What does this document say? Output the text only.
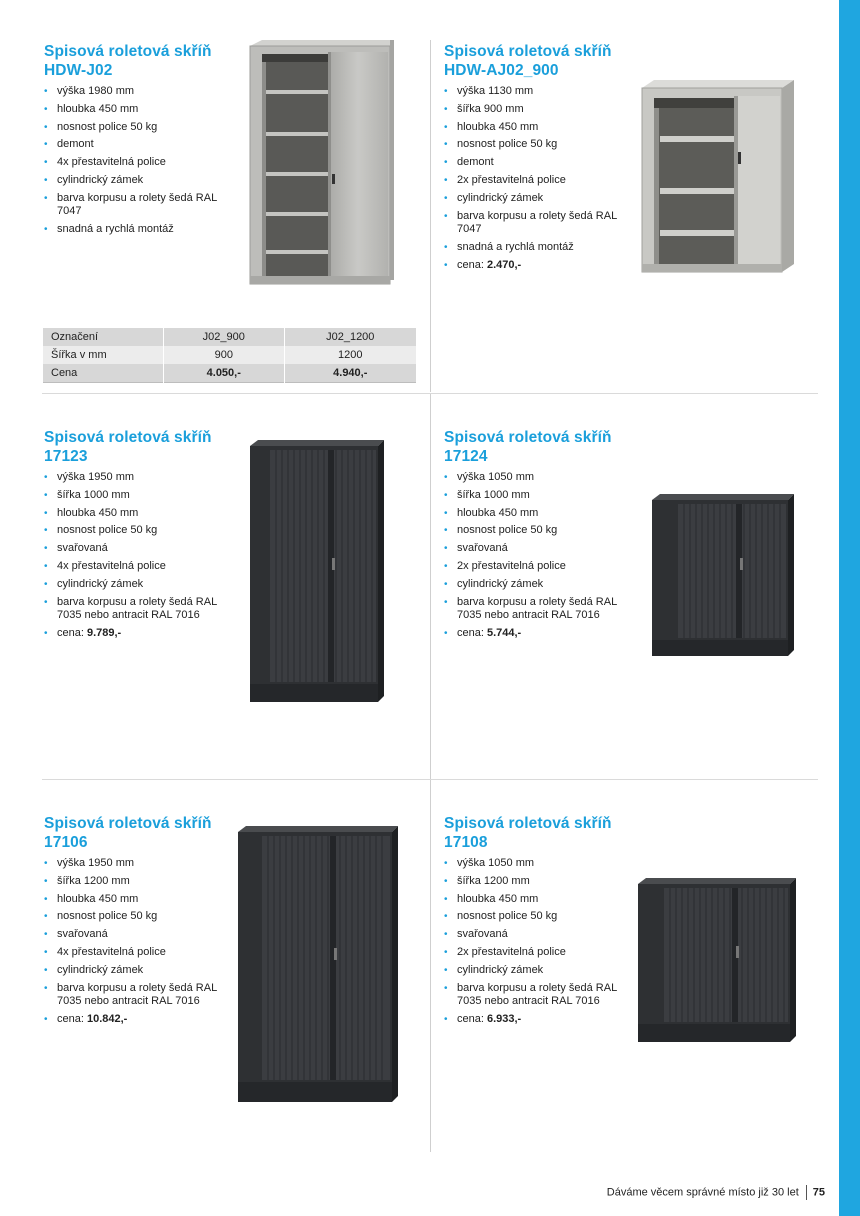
Spisová roletová skříň
HDW-J02
• výška 1980 mm
• hloubka 450 mm
• nosnost police 50 kg
• demont
• 4x přestavitelná police
• cylindrický zámek
• barva korpusu a rolety šedá RAL 7047
• snadná a rychlá montáž
Spisová roletová skříň
HDW-AJ02_900
• výška 1130 mm
• šířka 900 mm
• hloubka 450 mm
• nosnost police 50 kg
• demont
• 2x přestavitelná police
• cylindrický zámek
• barva korpusu a rolety šedá RAL 7047
• snadná a rychlá montáž
• cena: 2.470,-
Spisová roletová skříň
17123
• výška 1950 mm
• šířka 1000 mm
• hloubka 450 mm
• nosnost police 50 kg
• svařovaná
• 4x přestavitelná police
• cylindrický zámek
• barva korpusu a rolety šedá RAL 7035 nebo antracit RAL 7016
• cena: 9.789,-
Spisová roletová skříň
17124
• výška 1050 mm
• šířka 1000 mm
• hloubka 450 mm
• nosnost police 50 kg
• svařovaná
• 2x přestavitelná police
• cylindrický zámek
• barva korpusu a rolety šedá RAL 7035 nebo antracit RAL 7016
• cena: 5.744,-
Spisová roletová skříň
17106
• výška 1950 mm
• šířka 1200 mm
• hloubka 450 mm
• nosnost police 50 kg
• svařovaná
• 4x přestavitelná police
• cylindrický zámek
• barva korpusu a rolety šedá RAL 7035 nebo antracit RAL 7016
• cena: 10.842,-
Spisová roletová skříň
17108
• výška 1050 mm
• šířka 1200 mm
• hloubka 450 mm
• nosnost police 50 kg
• svařovaná
• 2x přestavitelná police
• cylindrický zámek
• barva korpusu a rolety šedá RAL 7035 nebo antracit RAL 7016
• cena: 6.933,-
Označení	J02_900	J02_1200
Šířka v mm	900	1200
Cena	4.050,-	4.940,-
Dáváme věcem správné místo již 30 let 75
